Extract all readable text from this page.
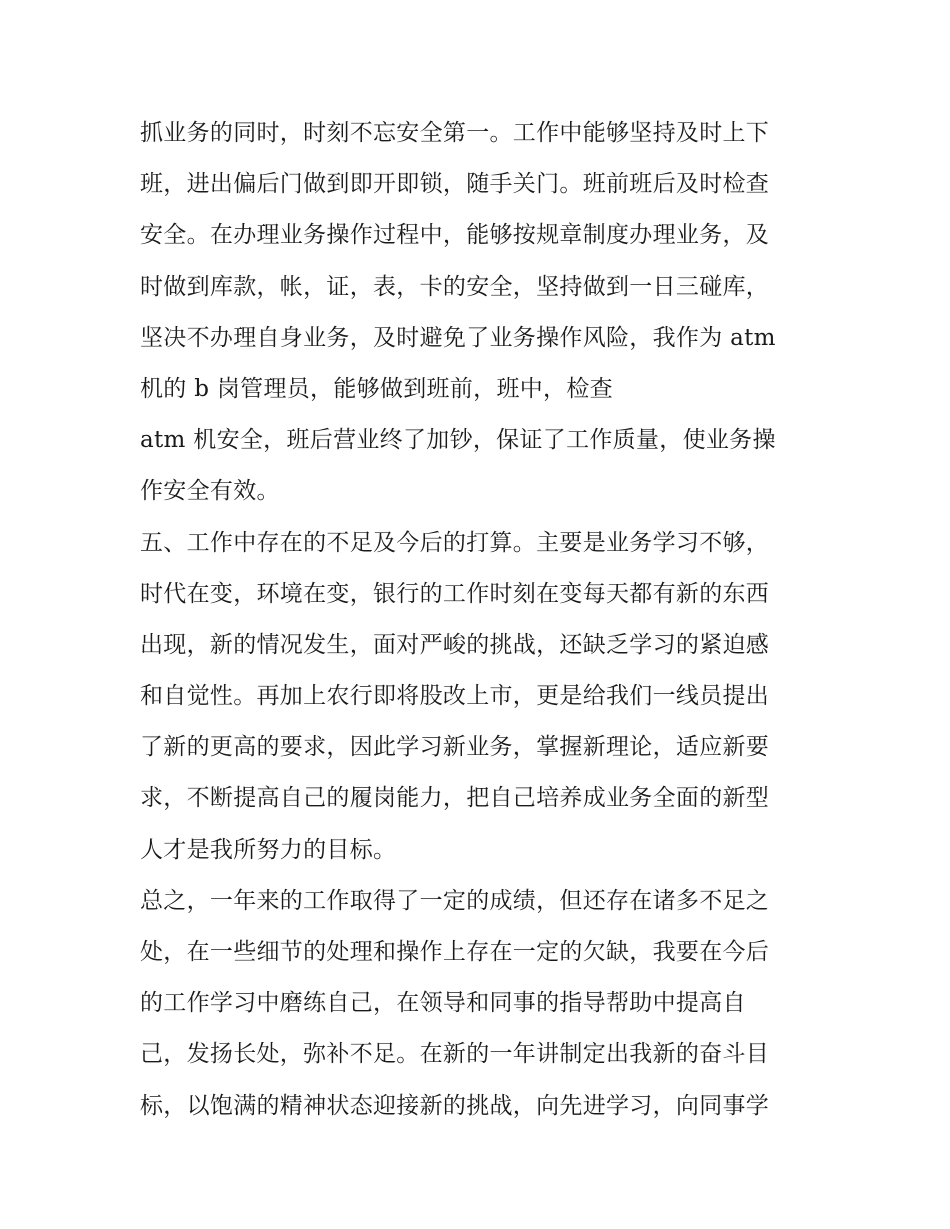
抓业务的同时，时刻不忘安全第一。工作中能够坚持及时上下
班，进出偏后门做到即开即锁，随手关门。班前班后及时检查
安全。在办理业务操作过程中，能够按规章制度办理业务，及
时做到库款，帐，证，表，卡的安全，坚持做到一日三碰库，
坚决不办理自身业务，及时避免了业务操作风险，我作为 atm
机的 b 岗管理员，能够做到班前，班中，检查
atm 机安全，班后营业终了加钞，保证了工作质量，使业务操
作安全有效。
五、工作中存在的不足及今后的打算。主要是业务学习不够，
时代在变，环境在变，银行的工作时刻在变每天都有新的东西
出现，新的情况发生，面对严峻的挑战，还缺乏学习的紧迫感
和自觉性。再加上农行即将股改上市，更是给我们一线员提出
了新的更高的要求，因此学习新业务，掌握新理论，适应新要
求，不断提高自己的履岗能力，把自己培养成业务全面的新型
人才是我所努力的目标。
总之，一年来的工作取得了一定的成绩，但还存在诸多不足之
处，在一些细节的处理和操作上存在一定的欠缺，我要在今后
的工作学习中磨练自己，在领导和同事的指导帮助中提高自
己，发扬长处，弥补不足。在新的一年讲制定出我新的奋斗目
标，以饱满的精神状态迎接新的挑战，向先进学习，向同事学
